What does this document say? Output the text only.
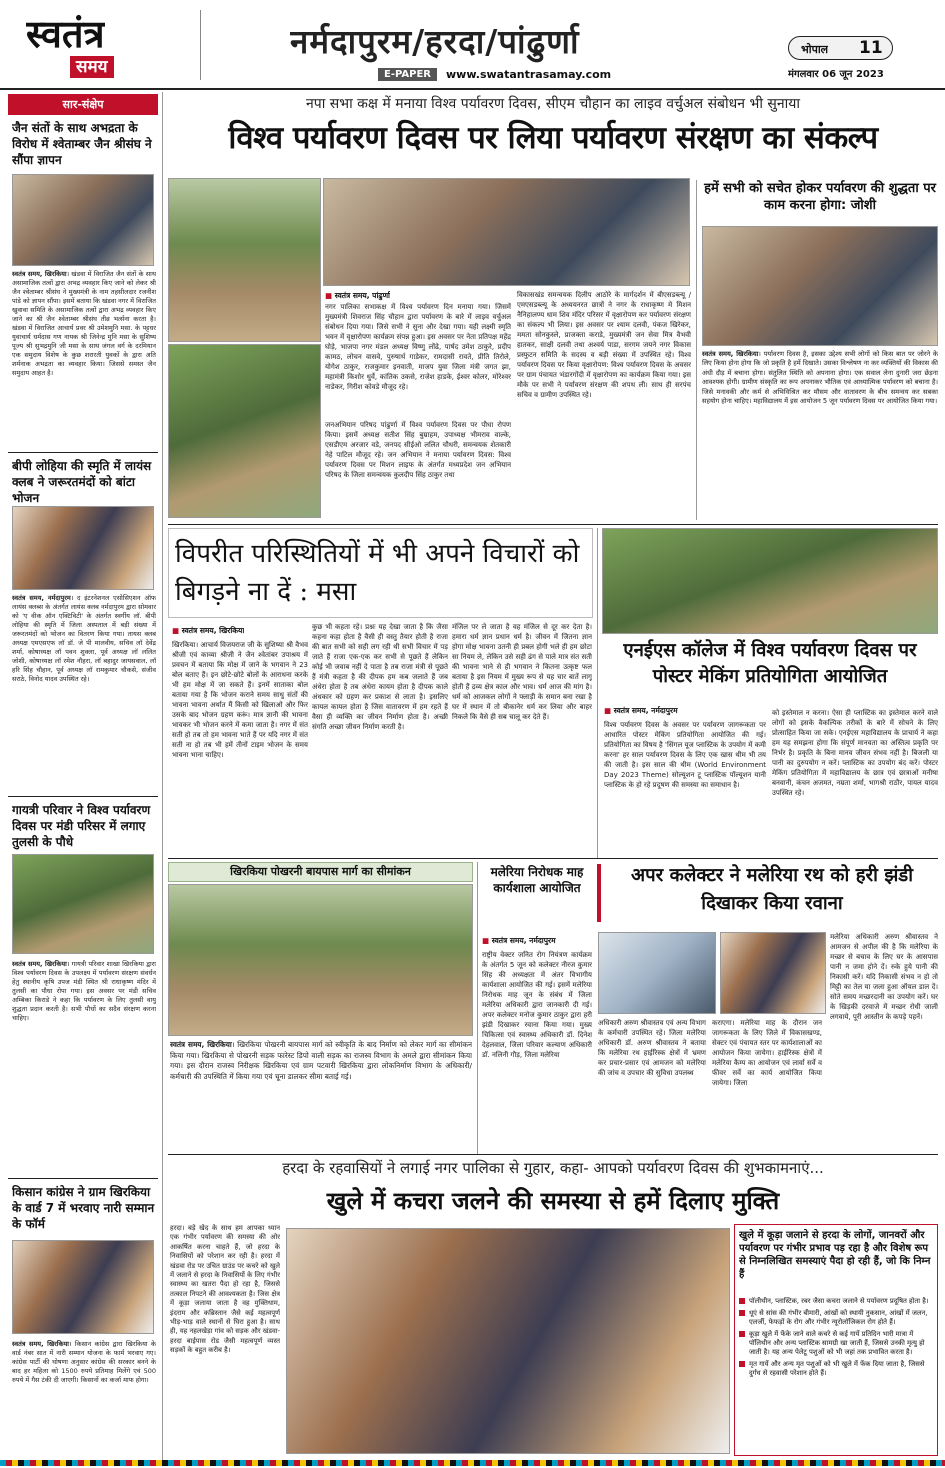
स्वतंत्र
समय
नर्मदापुरम/हरदा/पांढुर्णा
E-PAPER	www.swatantrasamay.com
भोपाल 11
मंगलवार 06 जून 2023
सार-संक्षेप
जैन संतों के साथ अभद्रता के विरोध में श्वेताम्बर जैन श्रीसंघ ने सौंपा ज्ञापन
स्वतंत्र समय, खिरकिया। खंडवा में विराजित जैन संतों के साथ असामाजिक तत्वों द्वारा अभद्र व्यवहार किए जाने को लेकर श्री जैन श्वेताम्बर श्रीसंघ ने मुख्यमंत्री के नाम तहसीलदार रजनीश पांडे को ज्ञापन सौंपा। इसमें बताया कि खंडवा नगर में विराजित खुवावा समिति के असामाजिक तत्वों द्वारा अभद्र व्यवहार किए जाने का श्री जैन श्वेताम्बर श्रीसंघ तीव्र भर्त्सना करता है। खंडवा में विराजित आचार्य प्रवर श्री उमेशमुनि मसा. के पट्टधर युवाचार्य धर्मदास गण नायक श्री जिनेन्द्र मुनि मसा के सुशिष्य पूज्य श्री सुभद्रमुनि जी मसा के साथ जंगल वर्ग के दरमियान एक समुदाय विशेष के कुछ शरारती युवकों के द्वारा अति शर्मनाक अभद्रता का व्यवहार किया। जिससे समस्त जैन समुदाय आहत है।
बीपी लोहिया की स्मृति में लायंस क्लब ने जरूरतमंदों को बांटा भोजन
स्वतंत्र समय, नर्मदापुरम। द इंटरनेशनल एसोसिएशन ऑफ लायंस क्लब्स के अंतर्गत लायंस क्लब नर्मदापुरम द्वारा सोमवार को 'ए वीक ऑन एक्टिविटी' के अंतर्गत स्वर्गीय लॉ. बीपी लोहिया की स्मृति में जिला अस्पताल में बड़ी संख्या में जरूरतमंदों को भोजन का वितरण किया गया। तायस क्लब अध्यक्ष एमएसएफ लॉ डॉ. जे पी मालवीय, सचिव लॉ देवेंद्र शर्मा, कोषाध्यक्ष लॉ पवन शुक्ला, पूर्व अध्यक्ष लॉ ललित जोशी, कोषाध्यक्ष लॉ रमेश नौहरा, लॉ बहादुर जायसवाल, लॉ हरि सिंह चौहान, पूर्व अध्यक्ष लॉ रामकुमार चौकसे, संजीव सराठे, विनोद यादव उपस्थित रहे।
गायत्री परिवार ने विश्व पर्यावरण दिवस पर मंडी परिसर में लगाए तुलसी के पौधे
स्वतंत्र समय, खिरकिया। गायत्री परिवार शाखा खिरकिया द्वारा विश्व पर्यावरण दिवस के उपलक्ष्य में पर्यावरण संरक्षण संवर्धन हेतु स्थानीय कृषि उपज मंडी स्थित श्री राधाकृष्ण मंदिर में तुलसी का पौधा रोपा गया। इस अवसर पर मंडी सचिव अम्बिका किराडे ने कहा कि पर्यावरण के लिए तुलसी वायु शुद्धता प्रदान करती है। सभी पौधों का सदैव संरक्षण करना चाहिए।
किसान कांग्रेस ने ग्राम खिरकिया के वार्ड 7 में भरवाए नारी सम्मान के फॉर्म
स्वतंत्र समय, खिरकिया। किसान कांग्रेस द्वारा खिरकिया के वार्ड नंबर सात में नारी सम्मान योजना के फार्म भरवाए गए। कांग्रेस पार्टी की घोषणा अनुसार कांग्रेस की सरकार बनने के बाद हर महिला को 1500 रुपये प्रतिमाह मिलेंगे एवं 500 रुपये में गैस टंकी दी जाएगी। किसानों का कर्जा माफ होगा।
नपा सभा कक्ष में मनाया विश्व पर्यावरण दिवस, सीएम चौहान का लाइव वर्चुअल संबोधन भी सुनाया
विश्व पर्यावरण दिवस पर लिया पर्यावरण संरक्षण का संकल्प
■ स्वतंत्र समय, पांढुर्णा
नगर पालिका सभाकक्ष में विश्व पर्यावरण दिन मनाया गया। जिसमें मुख्यमंत्री शिवराज सिंह चौहान द्वारा पर्यावरण के बारे में लाइव वर्चुअल संबोधन दिया गया। जिसे सभी ने सुना और देखा गया। यही लक्ष्मी स्मृति भवन में वृक्षारोपण कार्यक्रम संपन्न हुआ। इस अवसर पर नेता प्रतिपक्ष महेंद्र घोड़े, भाजपा नगर मंडल अध्यक्ष विष्णु लोंढे, पार्षद उमेश ठाकुरे, प्रदीप कामठ, लोचन वासवे, पुरुषार्थ गाडेकर, रामदासी रावते, प्रीति तिरोले, योगेश ठाकुर, राजकुमार इनवाती, माजप युवा जिला मंत्री जगत झा, महामंत्री किशोर धुर्वे, कांतिक उकसे, राजेश हाडके, ईश्वर कोलर, मोरेश्वर नाडेकर, गिरीश कोवडे मौजूद रहे।
जनअभियान परिषद पांढुर्णा में विश्व पर्यावरण दिवस पर पौधा रोपण किया। इसमें अध्यक्ष सतीश सिंह बुम्राहम, उपाध्यक्ष भीमराव वाल्के, एसडीएम अरजार वडे, जनपद सीईओ ललित चौधरी, समन्वयक शेतकारी नेहे पाटिल मौजूद रहे। जन अभियान ने मनाया पर्यावरण दिवस: विश्व पर्यावरण दिवस पर मिशन लाइफ के अंतर्गत मध्यप्रदेश जन अभियान परिषद के जिला समन्वयक कुलदीप सिंह ठाकुर तथा
विकासखंड समन्वयक दिलीप आठोरे के मार्गदर्शन में बीएसडब्ल्यू / एमएसडब्ल्यू के अध्ययनरत छात्रों ने नगर के राधाकृष्ण मे मिशन नैनिहालण्य धाम शिव मंदिर परिसर में वृक्षारोपण कर पर्यावरण संरक्षण का संकल्प भी लिया। इस अवसर पर श्याम दलवी, पंकज खिरेकर, ममता सोनकुस्ले, प्राजक्ता कराडे, मुख्यमंत्री जन सेवा मित्र वैभवी हातकर, साक्षी दलवी तथा अश्वर्य पाडा, सरगम जयने नगर विकास प्रस्फुटन समिति के सदस्य व बड़ी संख्या में उपस्थित रहे। विश्व पर्यावरण दिवस पर किया वृक्षारोपण: विश्व पर्यावरण दिवस के अवसर पर ग्राम पंचायत भंडारगोंदी में वृक्षारोपण का कार्यक्रम किया गया। इस मौके पर सभी ने पर्यावरण संरक्षण की शपथ ली। साथ ही सरपंच सचिव व ग्रामीण उपस्थित रहे।
हमें सभी को सचेत होकर पर्यावरण की शुद्धता पर काम करना होगा: जोशी
स्वतंत्र समय, खिरकिया। पर्यावरण दिवस है, इसका उद्देश्य सभी लोगों को किस बात पर जोरने के लिए किया होना होगा कि जो प्रकृति है हमें दिखाते। उसका विश्लेषण ना कर व्यक्तियों की विकास की अंधी दौड़ में बचाना होगा। संतुलित स्थिति को अपनाना होगा। एक सवाल लेना दुनारी जरा छेड़ना आवश्यक होगी। ग्रामीण संस्कृति का रूप अपनाकर भौतिक एवं आध्यात्मिक पर्यावरण को बचाना है। जिसे मनावकी और कर्म से अभिविश्रित कर मौसम और वातावरण के बीच समन्वय कर सबका सहयोग होना चाहिए। महाविद्यालय में इस आयोजन 5 जून पर्यावरण दिवस पर आयोजित किया गया।
विपरीत परिस्थितियों में भी अपने विचारों को बिगड़ने ना दें : मसा
■ स्वतंत्र समय, खिरकिया
खिरकिया। आचार्य विजयराज जी के सुशिष्या श्री वैभव श्रीजी एवं काव्या श्रीजी ने जैन श्वेतांबर उपाश्रय में प्रवचन में बताया कि मोक्ष में जाने के भगवान ने 23 बोल बताए हैं। इन छोटे-छोटे बोलों के आराधना करके भी हम मोक्ष में जा सकते हैं। इनमें साताका बोल बताया गया है कि भोजन कराने समय साधु संतों की भावना भावना अर्थात मैं किसी को खिलाओ और फिर उसके बाद भोजन ग्रहण करूं। मात्र ज्ञानी की भावना भावकर भी भोजन करने में कमा जाता है। नगर में संत सती हो तब तो हम भावना भाते हैं पर यदि नगर में संत सती ना हो तब भी हमें तीनों टाइम भोजन के समय भावना भाना चाहिए।
कुछ भी कहता रहे। प्रश्नः यह देखा जाता है कि जैसा कहना कहा होता है वैसी ही वस्तु तैयार होती है राजा की बात सभी को सही लग रही थी सभी विचार में पड़ जाते हैं राजा एक-एक कर सभी से पूछते हैं लेकिन कोई भी जवाब नहीं दे पाता है तब राजा मंत्री से पूछते हैं मंत्री कहता है की दीपक हम कब जलाते हैं जब अंधेरा होता है तब अंधेरा कायम होता है दीपक काले अंधकार को ग्रहण कर प्रकाश से लाता है। इसलिए कायल कायल होता है जिस वातावरण में हम रहते हैं वैसा ही व्यक्ति का जीवन निर्माण होता है। अच्छी संगति अच्छा जीवन निर्माण करती है।
मंजिल पर ले जाता है वह मंजिल से दूर कर देता है। हमारा धर्म ज्ञान प्रधान धर्म है। जीवन में जितना ज्ञान होगा मोक्ष भावना उतनी ही प्रबल होगी भले ही हम छोटा सा नियम ले, लेकिन उसे सही ढंग से पाले मात्र संत सती की भावना भाने से ही भगवान ने कितना उत्कृष्ट फल बताया है इस नियम में मुख्य रूप से यह चार बातें लागू होती हैं द्रव्य क्षेत्र काल और भाव। धर्म आज की मांग है। धर्म को आजकल लोगों ने फ्लाड़ी के समान बना रखा है घर में स्थान में तो बीकानेर धर्म कर लिया और बाहर निकले कि वैसे ही सब चालू कर देते हैं।
एनईएस कॉलेज में विश्व पर्यावरण दिवस पर पोस्टर मेकिंग प्रतियोगिता आयोजित
■ स्वतंत्र समय, नर्मदापुरम
विश्व पर्यावरण दिवस के अवसर पर पर्यावरण जागरूकता पर आधारित पोस्टर मेकिंग प्रतियोगिता आयोजित की गई। प्रतियोगिता का विषय है 'सिंगल यूज प्लास्टिक के उपयोग में कमी करना' हर साल पर्यावरण दिवस के लिए एक खास थीम भी तय की जाती है। इस साल की थीम (World Environment Day 2023 Theme) सोल्यूशन टू प्लास्टिक पॉल्यूशन यानी प्लास्टिक के हो रहे प्रदूषण की समस्या का समाधान है।
को इस्तेमाल न करना। ऐसा ही प्लास्टिक का इस्तेमाल करने वाले लोगों को इसके वैकल्पिक तरीकों के बारे में सोचने के लिए प्रोत्साहित किया जा सके। एनईएस महाविद्यालय के प्राचार्य ने कहा हम यह समझना होगा कि संपूर्ण मानवता का अस्तित्व प्रकृति पर निर्भर है। प्रकृति के बिना मानव जीवन संभव नहीं है। बिजली या पानी का दुरुपयोग न करें। प्लास्टिक का उपयोग बंद करें। पोस्टर मेकिंग प्रतियोगिता में महाविद्यालय के छात्र एवं छात्राओं मनीषा बनवानी, कंचन अजमत, नम्रता शर्मा, भागश्री राठौर, पायल यादव उपस्थित रहे।
खिरकिया पोखरनी बायपास मार्ग का सीमांकन
स्वतंत्र समय, खिरकिया। खिरकिया पोखरनी बायपास मार्ग को स्वीकृति के बाद निर्माण को लेकर मार्ग का सीमांकन किया गया। खिरकिया से पोखरनी सड़क फारेस्ट डिपो वाली सड़क का राजस्व विभाग के अमले द्वारा सीमांकन किया गया। इस दौरान राजस्व निरीक्षक खिरकिया एवं ग्राम पटवारी खिरकिया द्वारा लोकनिर्माण विभाग के अधिकारी/कर्मचारी की उपस्थिति में किया गया एवं चूना डालकर सीमा बताई गई।
मलेरिया निरोधक माह कार्यशाला आयोजित
■ स्वतंत्र समय, नर्मदापुरम
राष्ट्रीय वेक्टर जनित रोग नियंत्रण कार्यक्रम के अंतर्गत 5 जून को कलेक्टर नीरज कुमार सिंह की अध्यक्षता में अंतर विभागीय कार्यशाला आयोजित की गई। इसमें मलेरिया निरोधक माह जून के संबंध में जिला मलेरिया अधिकारी द्वारा जानकारी दी गई। अपर कलेक्टर मनोज कुमार ठाकुर द्वारा हरी झंडी दिखाकर रवाना किया गया। मुख्य चिकित्सा एवं स्वास्थ्य अधिकारी डॉ. दिनेश देहलवाल, जिला परिवार कल्याण अधिकारी डॉ. नलिनी गौड़, जिला मलेरिया
अपर कलेक्टर ने मलेरिया रथ को हरी झंडी दिखाकर किया रवाना
अधिकारी अरुण श्रीवास्तव एवं अन्य विभाग के कर्मचारी उपस्थित रहे। जिला मलेरिया अधिकारी डॉ. अरुण श्रीवास्तव ने बताया कि मलेरिया रथ हाईरिस्क क्षेत्रों में भ्रमण कर प्रचार-प्रसार एवं आमजन को मलेरिया की जांच व उपचार की सुविधा उपलब्ध
कराएगा। मलेरिया माह के दौरान जन जागरूकता के लिए जिले में विकासखण्ड, सेक्टर एवं पंचायत स्तर पर कार्यशालाओं का आयोजन किया जायेगा। हाईरिस्क क्षेत्रों में मलेरिया कैम्प का आयोजन एवं लार्वा सर्वे व फीवर सर्वे का कार्य आयोजित किया जायेगा। जिला
मलेरिया अधिकारी अरुण श्रीवास्तव ने आमजन से अपील की है कि मलेरिया के मच्छर से बचाव के लिए घर के आसपास पानी न जमा होने दें। रुके हुये पानी की निकासी करें। यदि निकासी संभव न हो तो मिट्टी का तेल या जला हुआ ऑयल डाल दें। सोते समय मच्छरदानी का उपयोग करें। घर के खिड़की दरवाजे में मच्छर रोधी जाली लगवाये, पूरी आस्तीन के कपड़े पहनें।
हरदा के रहवासियों ने लगाई नगर पालिका से गुहार, कहा- आपको पर्यावरण दिवस की शुभकामनाएं...
खुले में कचरा जलने की समस्या से हमें दिलाए मुक्ति
हरदा। बड़े खेद के साथ हम आपका ध्यान एक गंभीर पर्यावरण की समस्या की ओर आकर्षित करना चाहते हैं, जो हरदा के निवासियों को परेशान कर रही है। हरदा में खंडवा रोड पर उचित ग्राउंड पर कचरे को खुले में जलाने से हरदा के निवासियों के लिए गंभीर स्वास्थ्य का खतरा पैदा हो रहा है, जिससे तत्काल निपटने की आवश्यकता है। जिस क्षेत्र में कूड़ा जलाया जाता है वह मुक्तिधाम, इंदराम और कब्रिस्तान जैसे कई महत्वपूर्ण भीड़-भाड़ वाले स्थानों से घिरा हुआ है। साथ ही, यह नहलखेड़ा गांव को सड़क और खंडवा-हरदा बाईपास रोड जैसी महत्वपूर्ण व्यस्त सड़कों के बहुत करीब है।
खुले में कूड़ा जलाने से हरदा के लोगों, जानवरों और पर्यावरण पर गंभीर प्रभाव पड़ रहा है और विशेष रूप से निम्नलिखित समस्याएं पैदा हो रही हैं, जो कि निम्न हैं
पॉलीथीन, प्लास्टिक, रबर जैसा कचरा जलाने से पर्यावरण प्रदूषित होता है।
धूएं से सांस की गंभीर बीमारी, आंखों को स्थायी नुकसान, आंखों में जलन, एलर्जी, फेफड़ों के रोग और गंभीर न्यूरोलॉजिकल रोग होते हैं।
कूड़ा खुले में फेंके जाने वाले कचरे से कई गायें प्रतिदिन भारी मात्रा में पॉलिथीन और अन्य प्लास्टिक सामग्री खा जाती हैं, जिससे उनकी मृत्यु हो जाती है। यह अन्य पेलेटू पशुओं को भी जहां तक प्रभावित करता है।
मृत गायें और अन्य मृत पशुओं को भी खुले में फेंक दिया जाता है, जिससे दुर्गंध से रहवासी परेशान होते हैं।
